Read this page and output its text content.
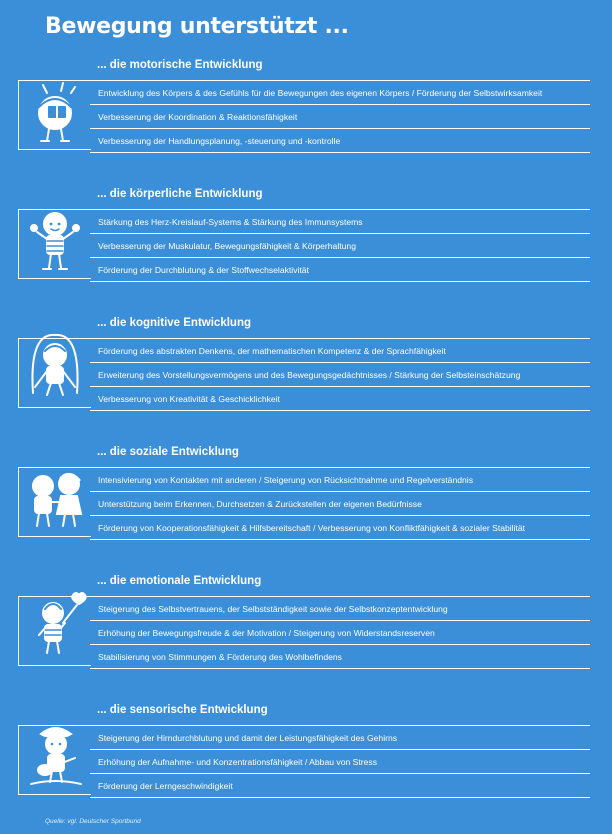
Bewegung unterstützt ...
... die motorische Entwicklung
Entwicklung des Körpers & des Gefühls für die Bewegungen des eigenen Körpers / Förderung der Selbstwirksamkeit
Verbesserung der Koordination & Reaktionsfähigkeit
Verbesserung der Handlungsplanung, -steuerung und -kontrolle
... die körperliche Entwicklung
Stärkung des Herz-Kreislauf-Systems & Stärkung des Immunsystems
Verbesserung der Muskulatur, Bewegungsfähigkeit & Körperhaltung
Förderung der Durchblutung & der Stoffwechselaktivität
... die kognitive Entwicklung
Förderung des abstrakten Denkens, der mathematischen Kompetenz & der Sprachfähigkeit
Erweiterung des Vorstellungsvermögens und des Bewegungsgedächtnisses / Stärkung der Selbsteinschätzung
Verbesserung von Kreativität & Geschicklichkeit
... die soziale Entwicklung
Intensivierung von Kontakten mit anderen / Steigerung von Rücksichtnahme und Regelverständnis
Unterstützung beim Erkennen, Durchsetzen & Zurückstellen der eigenen Bedürfnisse
Förderung von Kooperationsfähigkeit & Hilfsbereitschaft / Verbesserung von Konfliktfähigkeit & sozialer Stabilität
... die emotionale Entwicklung
Steigerung des Selbstvertrauens, der Selbstständigkeit sowie der Selbstkonzeptentwicklung
Erhöhung der Bewegungsfreude & der Motivation / Steigerung von Widerstandsreserven
Stabilisierung von Stimmungen & Förderung des Wohlbefindens
... die sensorische Entwicklung
Steigerung der Hirndurchblutung und damit der Leistungsfähigkeit des Gehirns
Erhöhung der Aufnahme- und Konzentrationsfähigkeit / Abbau von Stress
Förderung der Lerngeschwindigkeit
Quelle: vgl. Deutscher Sportbund
